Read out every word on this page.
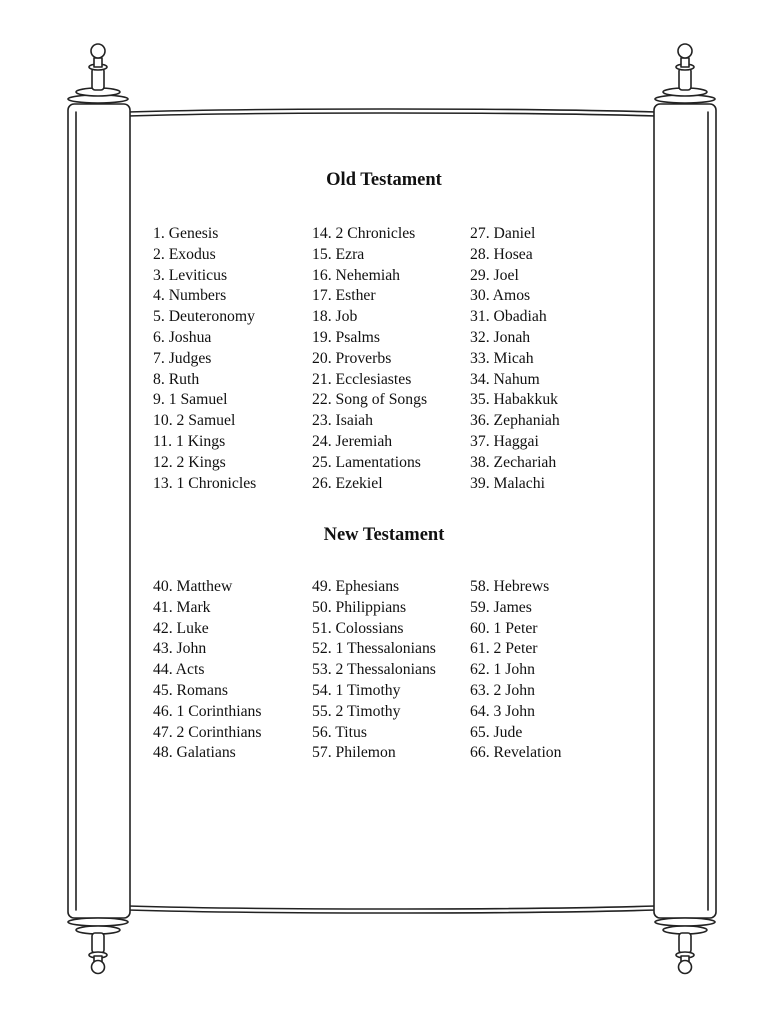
Old Testament
1. Genesis
2. Exodus
3. Leviticus
4. Numbers
5. Deuteronomy
6. Joshua
7. Judges
8. Ruth
9. 1 Samuel
10. 2 Samuel
11. 1 Kings
12. 2 Kings
13. 1 Chronicles
14. 2 Chronicles
15. Ezra
16. Nehemiah
17. Esther
18. Job
19. Psalms
20. Proverbs
21. Ecclesiastes
22. Song of Songs
23. Isaiah
24. Jeremiah
25. Lamentations
26. Ezekiel
27. Daniel
28. Hosea
29. Joel
30. Amos
31. Obadiah
32. Jonah
33. Micah
34. Nahum
35. Habakkuk
36. Zephaniah
37. Haggai
38. Zechariah
39. Malachi
New Testament
40. Matthew
41. Mark
42. Luke
43. John
44. Acts
45. Romans
46. 1 Corinthians
47. 2 Corinthians
48. Galatians
49. Ephesians
50. Philippians
51. Colossians
52. 1 Thessalonians
53. 2 Thessalonians
54. 1 Timothy
55. 2 Timothy
56. Titus
57. Philemon
58. Hebrews
59. James
60. 1 Peter
61. 2 Peter
62. 1 John
63. 2 John
64. 3 John
65. Jude
66. Revelation
